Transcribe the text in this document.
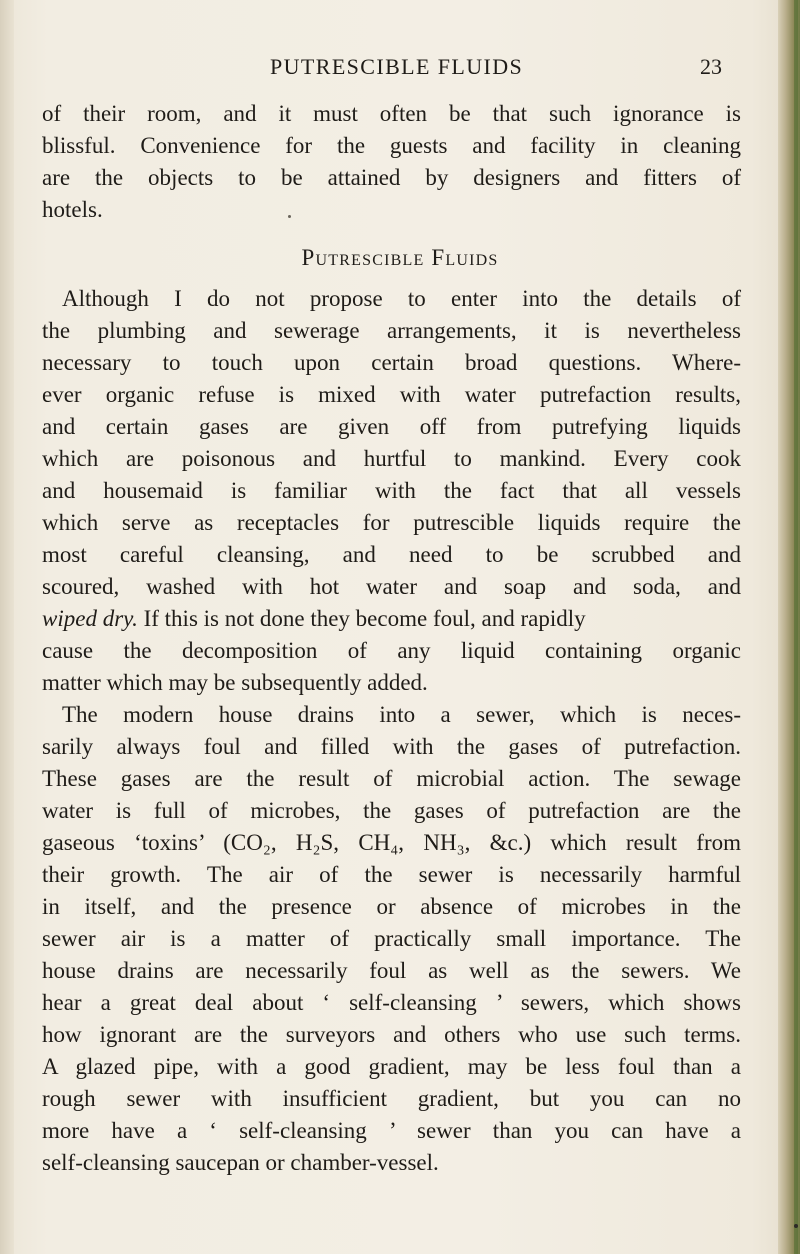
PUTRESCIBLE FLUIDS	23
of their room, and it must often be that such ignorance is
blissful. Convenience for the guests and facility in cleaning
are the objects to be attained by designers and fitters of
hotels.
Putrescible Fluids
Although I do not propose to enter into the details of
the plumbing and sewerage arrangements, it is nevertheless
necessary to touch upon certain broad questions. Where-
ever organic refuse is mixed with water putrefaction results,
and certain gases are given off from putrefying liquids
which are poisonous and hurtful to mankind. Every cook
and housemaid is familiar with the fact that all vessels
which serve as receptacles for putrescible liquids require the
most careful cleansing, and need to be scrubbed and
scoured, washed with hot water and soap and soda, and
wiped dry. If this is not done they become foul, and rapidly
cause the decomposition of any liquid containing organic
matter which may be subsequently added.
The modern house drains into a sewer, which is neces-
sarily always foul and filled with the gases of putrefaction.
These gases are the result of microbial action. The sewage
water is full of microbes, the gases of putrefaction are the
gaseous ‘toxins’ (CO₂, H₂S, CH₄, NH₃, &c.) which result from
their growth. The air of the sewer is necessarily harmful
in itself, and the presence or absence of microbes in the
sewer air is a matter of practically small importance. The
house drains are necessarily foul as well as the sewers. We
hear a great deal about ‘ self-cleansing ’ sewers, which shows
how ignorant are the surveyors and others who use such terms.
A glazed pipe, with a good gradient, may be less foul than a
rough sewer with insufficient gradient, but you can no
more have a ‘ self-cleansing ’ sewer than you can have a
self-cleansing saucepan or chamber-vessel.
